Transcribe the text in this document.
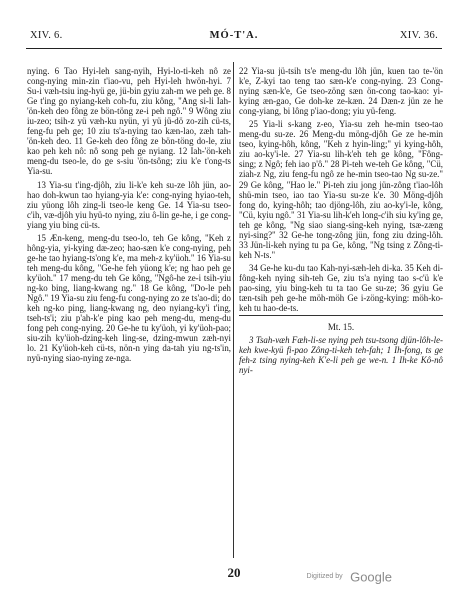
XIV. 6.	MÓ-T'A.	XIV. 36.

nying. 6 Tao Hyi-leh sang-nyih, Hyi-lo-ti-keh nô ze cong-nying min-zin t'iao-vu, peh Hyi-leh hwön-hyi. 7 Su-i væh-tsiu ing-hyü ge, jü-bin gyiu zah-m we peh ge. 8 Ge t'ing go nyiang-keh coh-fu, ziu kông, "Ang si-li Iah-'ön-keh deo fông ze bön-töng ze-i peh ngô." 9 Wông ziu iu-zeo; tsih-z yü væh-ku nyün, yi yü jü-dö zo-zih cü-ts, feng-fu peh ge; 10 ziu ts'a-nying tao kæn-lao, zæh tah-'ön-keh deo. 11 Ge-keh deo fông ze bön-töng do-le, ziu kao peh keh nô: nô song peh ge nyiang. 12 Iah-'ön-keh meng-du tseo-le, do ge s-siu 'ön-tsông; ziu k'e t'ong-ts Yia-su.

13 Yia-su t'ing-djôh, ziu li-k'e keh su-ze lôh jün, ao-hao doh-kwun tao hyiang-yia k'e: cong-nying hyiao-teh, ziu yüong lôh zing-li tseo-le keng Ge. 14 Yia-su tseo-c'ih, væ-djôh yiu hyü-to nying, ziu ô-lin ge-he, i ge cong-yiang yiu bing cü-ts.

15 Æn-keng, meng-du tseo-lo, teh Ge kông, "Keh z hông-yia, yi-kying dæ-zeo; hao-sæn k'e cong-nying, peh ge-he tao hyiang-ts'ong k'e, ma meh-z ky'üoh." 16 Yia-su teh meng-du kông, "Ge-he feh yüong k'e; ng hao peh ge ky'üoh." 17 meng-du teh Ge kông, "Ngô-he ze-i tsih-yiu ng-ko bing, liang-kwang ng." 18 Ge kông, "Do-le peh Ngô." 19 Yia-su ziu feng-fu cong-nying zo ze ts'ao-di; do keh ng-ko ping, liang-kwang ng, deo nyiang-ky'i t'ing, tseh-ts'i; ziu p'ah-k'e ping kao peh meng-du, meng-du fong peh cong-nying. 20 Ge-he tu ky'üoh, yi ky'üoh-pao; siu-zih ky'üoh-dzing-keh ling-se, dzing-mwun zæh-nyi lo. 21 Ky'üoh-keh cü-ts, nön-n ying da-tah yiu ng-ts'in, nyü-nying siao-nying ze-nga.

22 Yia-su jü-tsih ts'e meng-du lôh jün, kuen tao te-'ön k'e, Z-kyi tao teng tao sæn-k'e cong-nying. 23 Cong-nying sæn-k'e, Ge tseo-zöng sæn ön-cong tao-kao: yi-kying æn-gao, Ge doh-ke ze-kæn. 24 Dæn-z jün ze he cong-yiang, bi lông p'iao-dong; yiu yü-feng.

25 Yia-li s-kang z-eo, Yia-su zeh he-min tseo-tao meng-du su-ze. 26 Meng-du möng-djôh Ge ze he-min tseo, kying-hôh, kông, "Keh z hyin-ling;" yi kying-hôh, ziu ao-ky'i-le. 27 Yia-su lih-k'eh teh ge kông, "Fông-sing; z Ngô; feh iao p'ô." 28 Pi-teh we-teh Ge kông, "Cü, ziah-z Ng, ziu feng-fu ngô ze he-min tseo-tao Ng su-ze." 29 Ge kông, "Hao le." Pi-teh ziu jong jün-zông t'iao-lôh shü-min tseo, iao tao Yia-su su-ze k'e. 30 Möng-djôh fong do, kying-hôh; tao djöng-lôh, ziu ao-ky'i-le, kông, "Cü, kyiu ngô." 31 Yia-su lih-k'eh long-c'ih siu ky'ing ge, teh ge kông, "Ng siao siang-sing-keh nying, tsæ-zæng nyi-sing?" 32 Ge-he tong-zông jün, fong ziu dzing-lôh. 33 Jün-li-keh nying tu pa Ge, kông, "Ng tsing z Zông-ti-keh N-ts."

34 Ge-he ku-du tao Kah-nyi-sæh-leh di-ka. 35 Keh di-fông-keh nying sih-teh Ge, ziu ts'a nying tao s-c'ü k'e pao-sing, yiu bing-keh tu ta tao Ge su-ze; 36 gyiu Ge tæn-tsih peh ge-he möh-möh Ge i-zöng-kying: möh-ko-keh tu hao-de-ts.

Mt. 15.

3 Tsah-væh Fæh-li-se nying peh tsu-tsong djün-lôh-le-keh kwe-kyü fi-pao Zông-ti-keh teh-fah; 1 Ih-fong, ts ge feh-z tsing nying-keh K'e-li peh ge we-n. 1 Ih-ke Kô-nô nyi-

20	Digitized by Google
